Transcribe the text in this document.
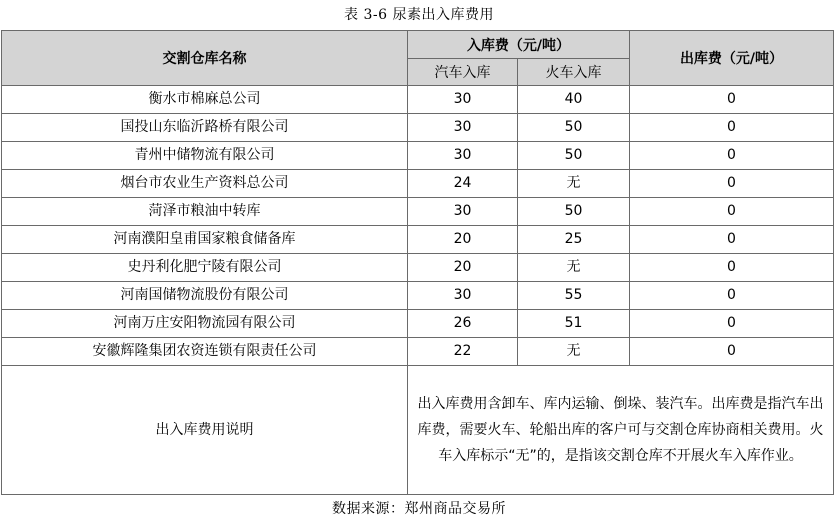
表 3-6 尿素出入库费用
交割仓库名称	入库费（元/吨）		出库费（元/吨）
	汽车入库	火车入库	
衡水市棉麻总公司	30	40	0
国投山东临沂路桥有限公司	30	50	0
青州中储物流有限公司	30	50	0
烟台市农业生产资料总公司	24	无	0
菏泽市粮油中转库	30	50	0
河南濮阳皇甫国家粮食储备库	20	25	0
史丹利化肥宁陵有限公司	20	无	0
河南国储物流股份有限公司	30	55	0
河南万庄安阳物流园有限公司	26	51	0
安徽辉隆集团农资连锁有限责任公司	22	无	0
出入库费用说明	出入库费用含卸车、库内运输、倒垛、装汽车。出库费是指汽车出库费，需要火车、轮船出库的客户可与交割仓库协商相关费用。火车入库标示“无”的，是指该交割仓库不开展火车入库作业。		
数据来源：郑州商品交易所
